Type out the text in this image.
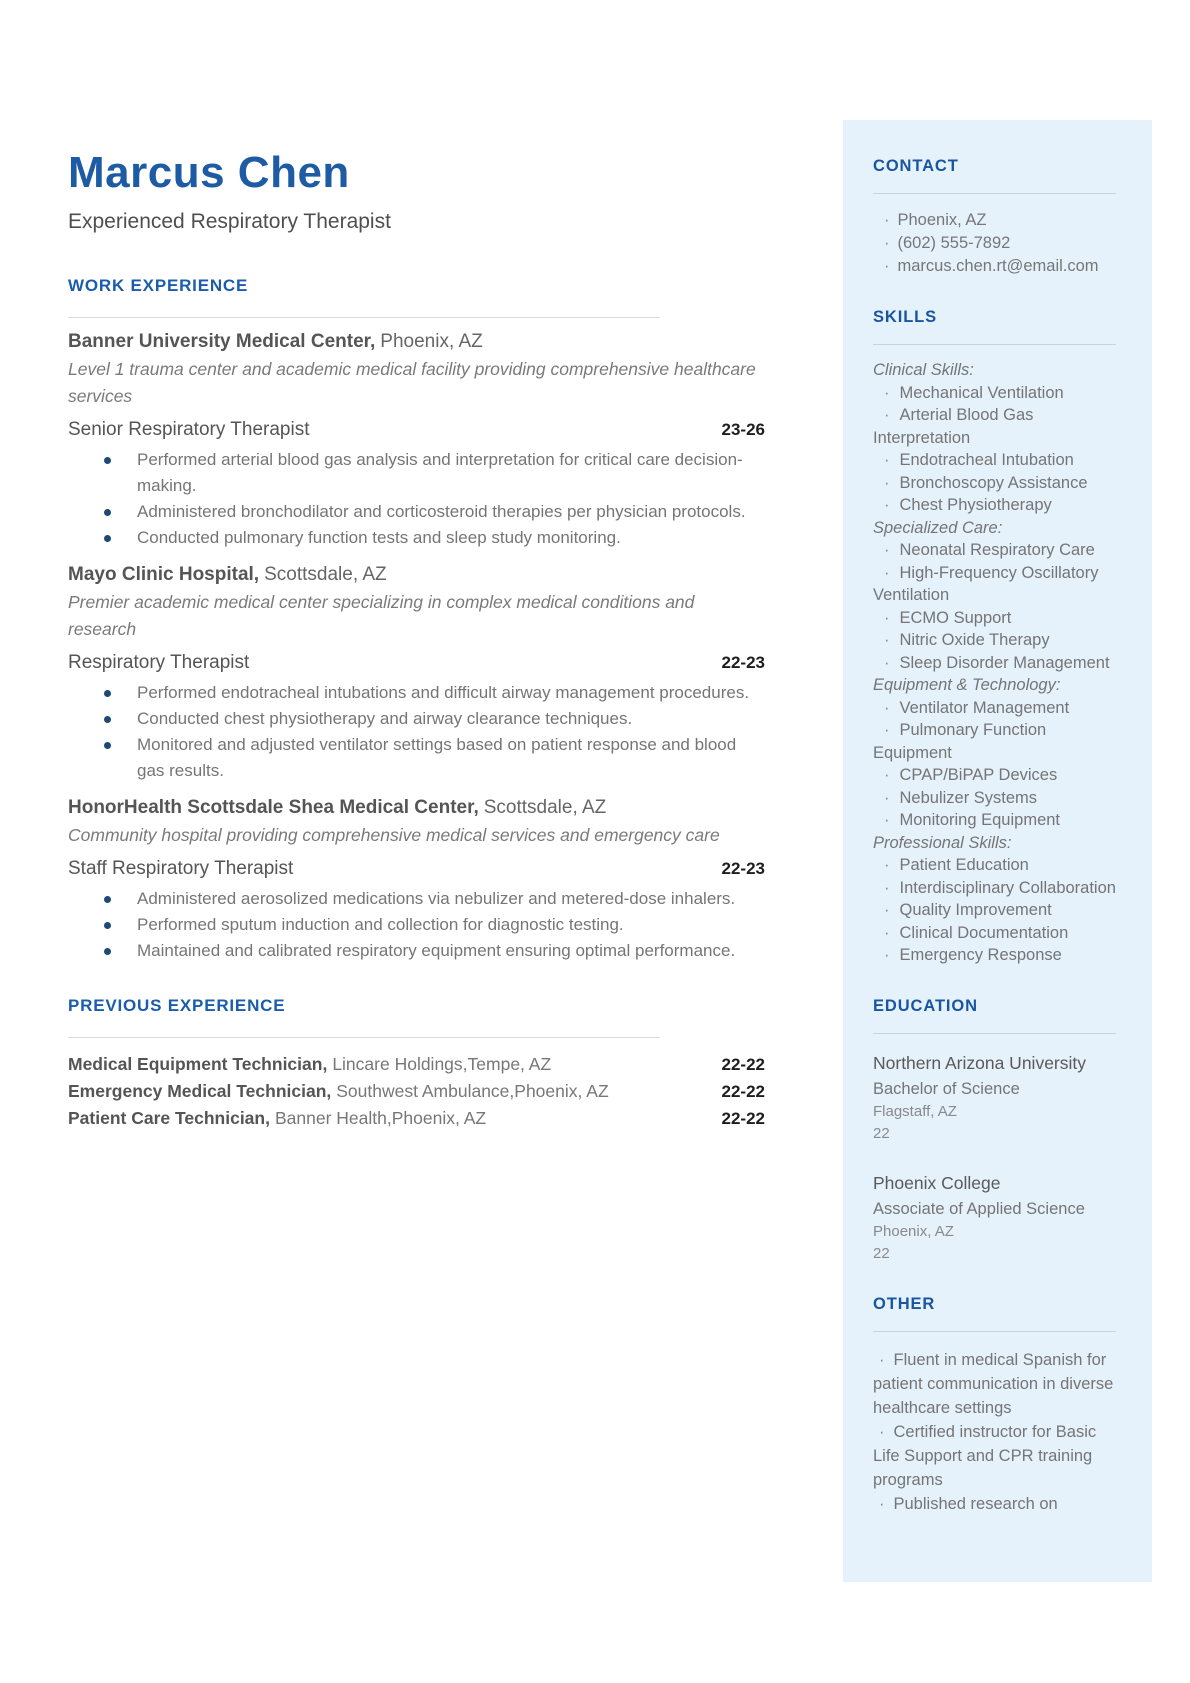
Marcus Chen
Experienced Respiratory Therapist
WORK EXPERIENCE
Banner University Medical Center, Phoenix, AZ
Level 1 trauma center and academic medical facility providing comprehensive healthcare services
Senior Respiratory Therapist	23-26
Performed arterial blood gas analysis and interpretation for critical care decision-making.
Administered bronchodilator and corticosteroid therapies per physician protocols.
Conducted pulmonary function tests and sleep study monitoring.
Mayo Clinic Hospital, Scottsdale, AZ
Premier academic medical center specializing in complex medical conditions and research
Respiratory Therapist	22-23
Performed endotracheal intubations and difficult airway management procedures.
Conducted chest physiotherapy and airway clearance techniques.
Monitored and adjusted ventilator settings based on patient response and blood gas results.
HonorHealth Scottsdale Shea Medical Center, Scottsdale, AZ
Community hospital providing comprehensive medical services and emergency care
Staff Respiratory Therapist	22-23
Administered aerosolized medications via nebulizer and metered-dose inhalers.
Performed sputum induction and collection for diagnostic testing.
Maintained and calibrated respiratory equipment ensuring optimal performance.
PREVIOUS EXPERIENCE
Medical Equipment Technician, Lincare Holdings,Tempe, AZ	22-22
Emergency Medical Technician, Southwest Ambulance,Phoenix, AZ	22-22
Patient Care Technician, Banner Health,Phoenix, AZ	22-22
CONTACT
· Phoenix, AZ
· (602) 555-7892
· marcus.chen.rt@email.com
SKILLS
Clinical Skills:
· Mechanical Ventilation
· Arterial Blood Gas Interpretation
· Endotracheal Intubation
· Bronchoscopy Assistance
· Chest Physiotherapy
Specialized Care:
· Neonatal Respiratory Care
· High-Frequency Oscillatory Ventilation
· ECMO Support
· Nitric Oxide Therapy
· Sleep Disorder Management
Equipment & Technology:
· Ventilator Management
· Pulmonary Function Equipment
· CPAP/BiPAP Devices
· Nebulizer Systems
· Monitoring Equipment
Professional Skills:
· Patient Education
· Interdisciplinary Collaboration
· Quality Improvement
· Clinical Documentation
· Emergency Response
EDUCATION
Northern Arizona University
Bachelor of Science
Flagstaff, AZ
22
Phoenix College
Associate of Applied Science
Phoenix, AZ
22
OTHER
· Fluent in medical Spanish for patient communication in diverse healthcare settings
· Certified instructor for Basic Life Support and CPR training programs
· Published research on
